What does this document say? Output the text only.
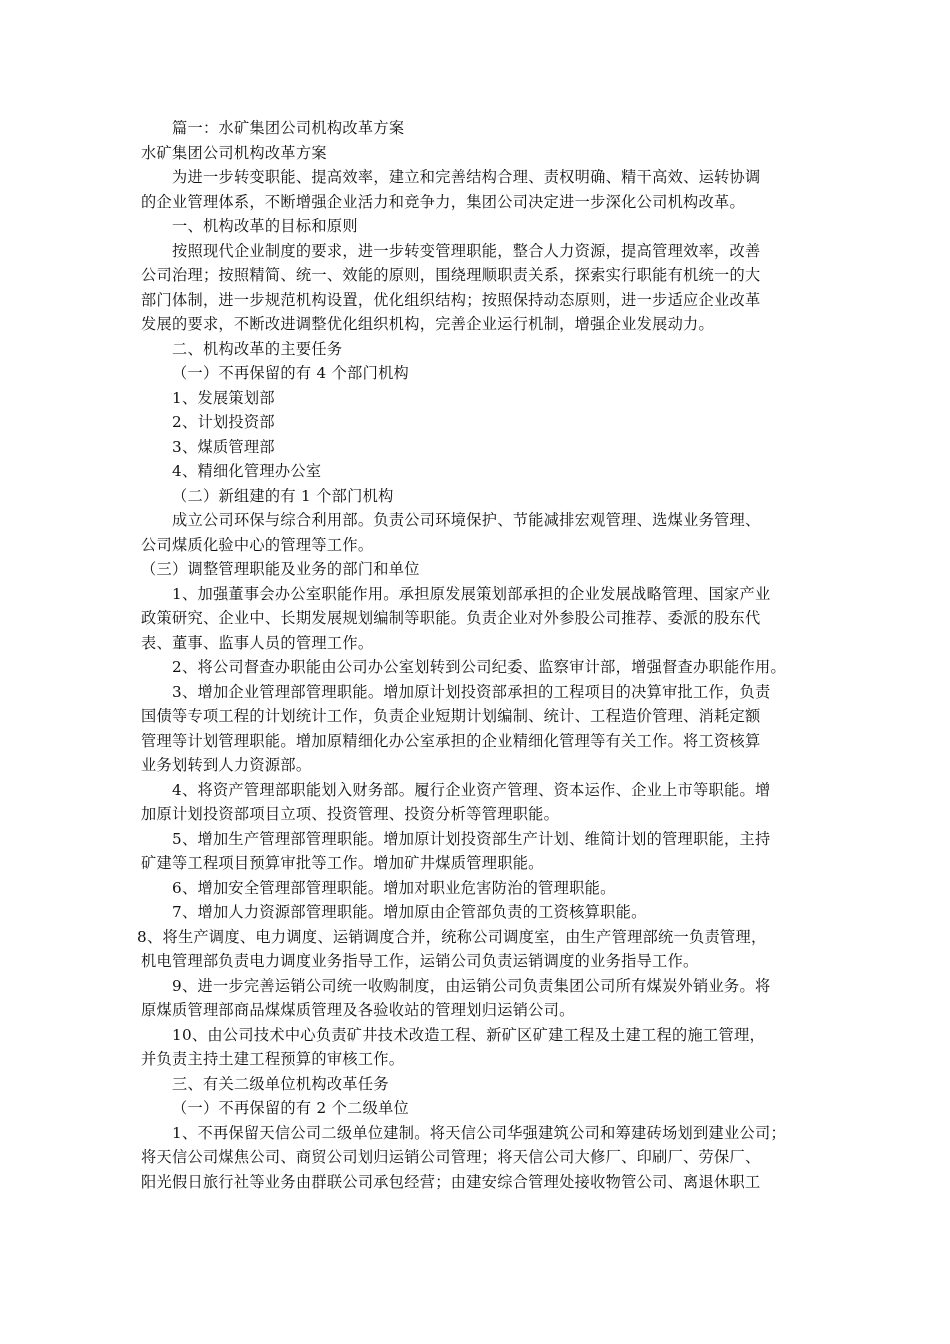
篇一：水矿集团公司机构改革方案
水矿集团公司机构改革方案
为进一步转变职能、提高效率，建立和完善结构合理、责权明确、精干高效、运转协调
的企业管理体系，不断增强企业活力和竞争力，集团公司决定进一步深化公司机构改革。
一、机构改革的目标和原则
按照现代企业制度的要求，进一步转变管理职能，整合人力资源，提高管理效率，改善
公司治理；按照精简、统一、效能的原则，围绕理顺职责关系，探索实行职能有机统一的大
部门体制，进一步规范机构设置，优化组织结构；按照保持动态原则，进一步适应企业改革
发展的要求，不断改进调整优化组织机构，完善企业运行机制，增强企业发展动力。
二、机构改革的主要任务
（一）不再保留的有 4 个部门机构
1、发展策划部
2、计划投资部
3、煤质管理部
4、精细化管理办公室
（二）新组建的有 1 个部门机构
成立公司环保与综合利用部。负责公司环境保护、节能减排宏观管理、选煤业务管理、
公司煤质化验中心的管理等工作。
（三）调整管理职能及业务的部门和单位
1、加强董事会办公室职能作用。承担原发展策划部承担的企业发展战略管理、国家产业
政策研究、企业中、长期发展规划编制等职能。负责企业对外参股公司推荐、委派的股东代
表、董事、监事人员的管理工作。
2、将公司督查办职能由公司办公室划转到公司纪委、监察审计部，增强督查办职能作用。
3、增加企业管理部管理职能。增加原计划投资部承担的工程项目的决算审批工作，负责
国债等专项工程的计划统计工作，负责企业短期计划编制、统计、工程造价管理、消耗定额
管理等计划管理职能。增加原精细化办公室承担的企业精细化管理等有关工作。将工资核算
业务划转到人力资源部。
4、将资产管理部职能划入财务部。履行企业资产管理、资本运作、企业上市等职能。增
加原计划投资部项目立项、投资管理、投资分析等管理职能。
5、增加生产管理部管理职能。增加原计划投资部生产计划、维简计划的管理职能，主持
矿建等工程项目预算审批等工作。增加矿井煤质管理职能。
6、增加安全管理部管理职能。增加对职业危害防治的管理职能。
7、增加人力资源部管理职能。增加原由企管部负责的工资核算职能。
8、将生产调度、电力调度、运销调度合并，统称公司调度室，由生产管理部统一负责管理，
机电管理部负责电力调度业务指导工作，运销公司负责运销调度的业务指导工作。
9、进一步完善运销公司统一收购制度，由运销公司负责集团公司所有煤炭外销业务。将
原煤质管理部商品煤煤质管理及各验收站的管理划归运销公司。
10、由公司技术中心负责矿井技术改造工程、新矿区矿建工程及土建工程的施工管理，
并负责主持土建工程预算的审核工作。
三、有关二级单位机构改革任务
（一）不再保留的有 2 个二级单位
1、不再保留天信公司二级单位建制。将天信公司华强建筑公司和筹建砖场划到建业公司；
将天信公司煤焦公司、商贸公司划归运销公司管理；将天信公司大修厂、印刷厂、劳保厂、
阳光假日旅行社等业务由群联公司承包经营；由建安综合管理处接收物管公司、离退休职工
